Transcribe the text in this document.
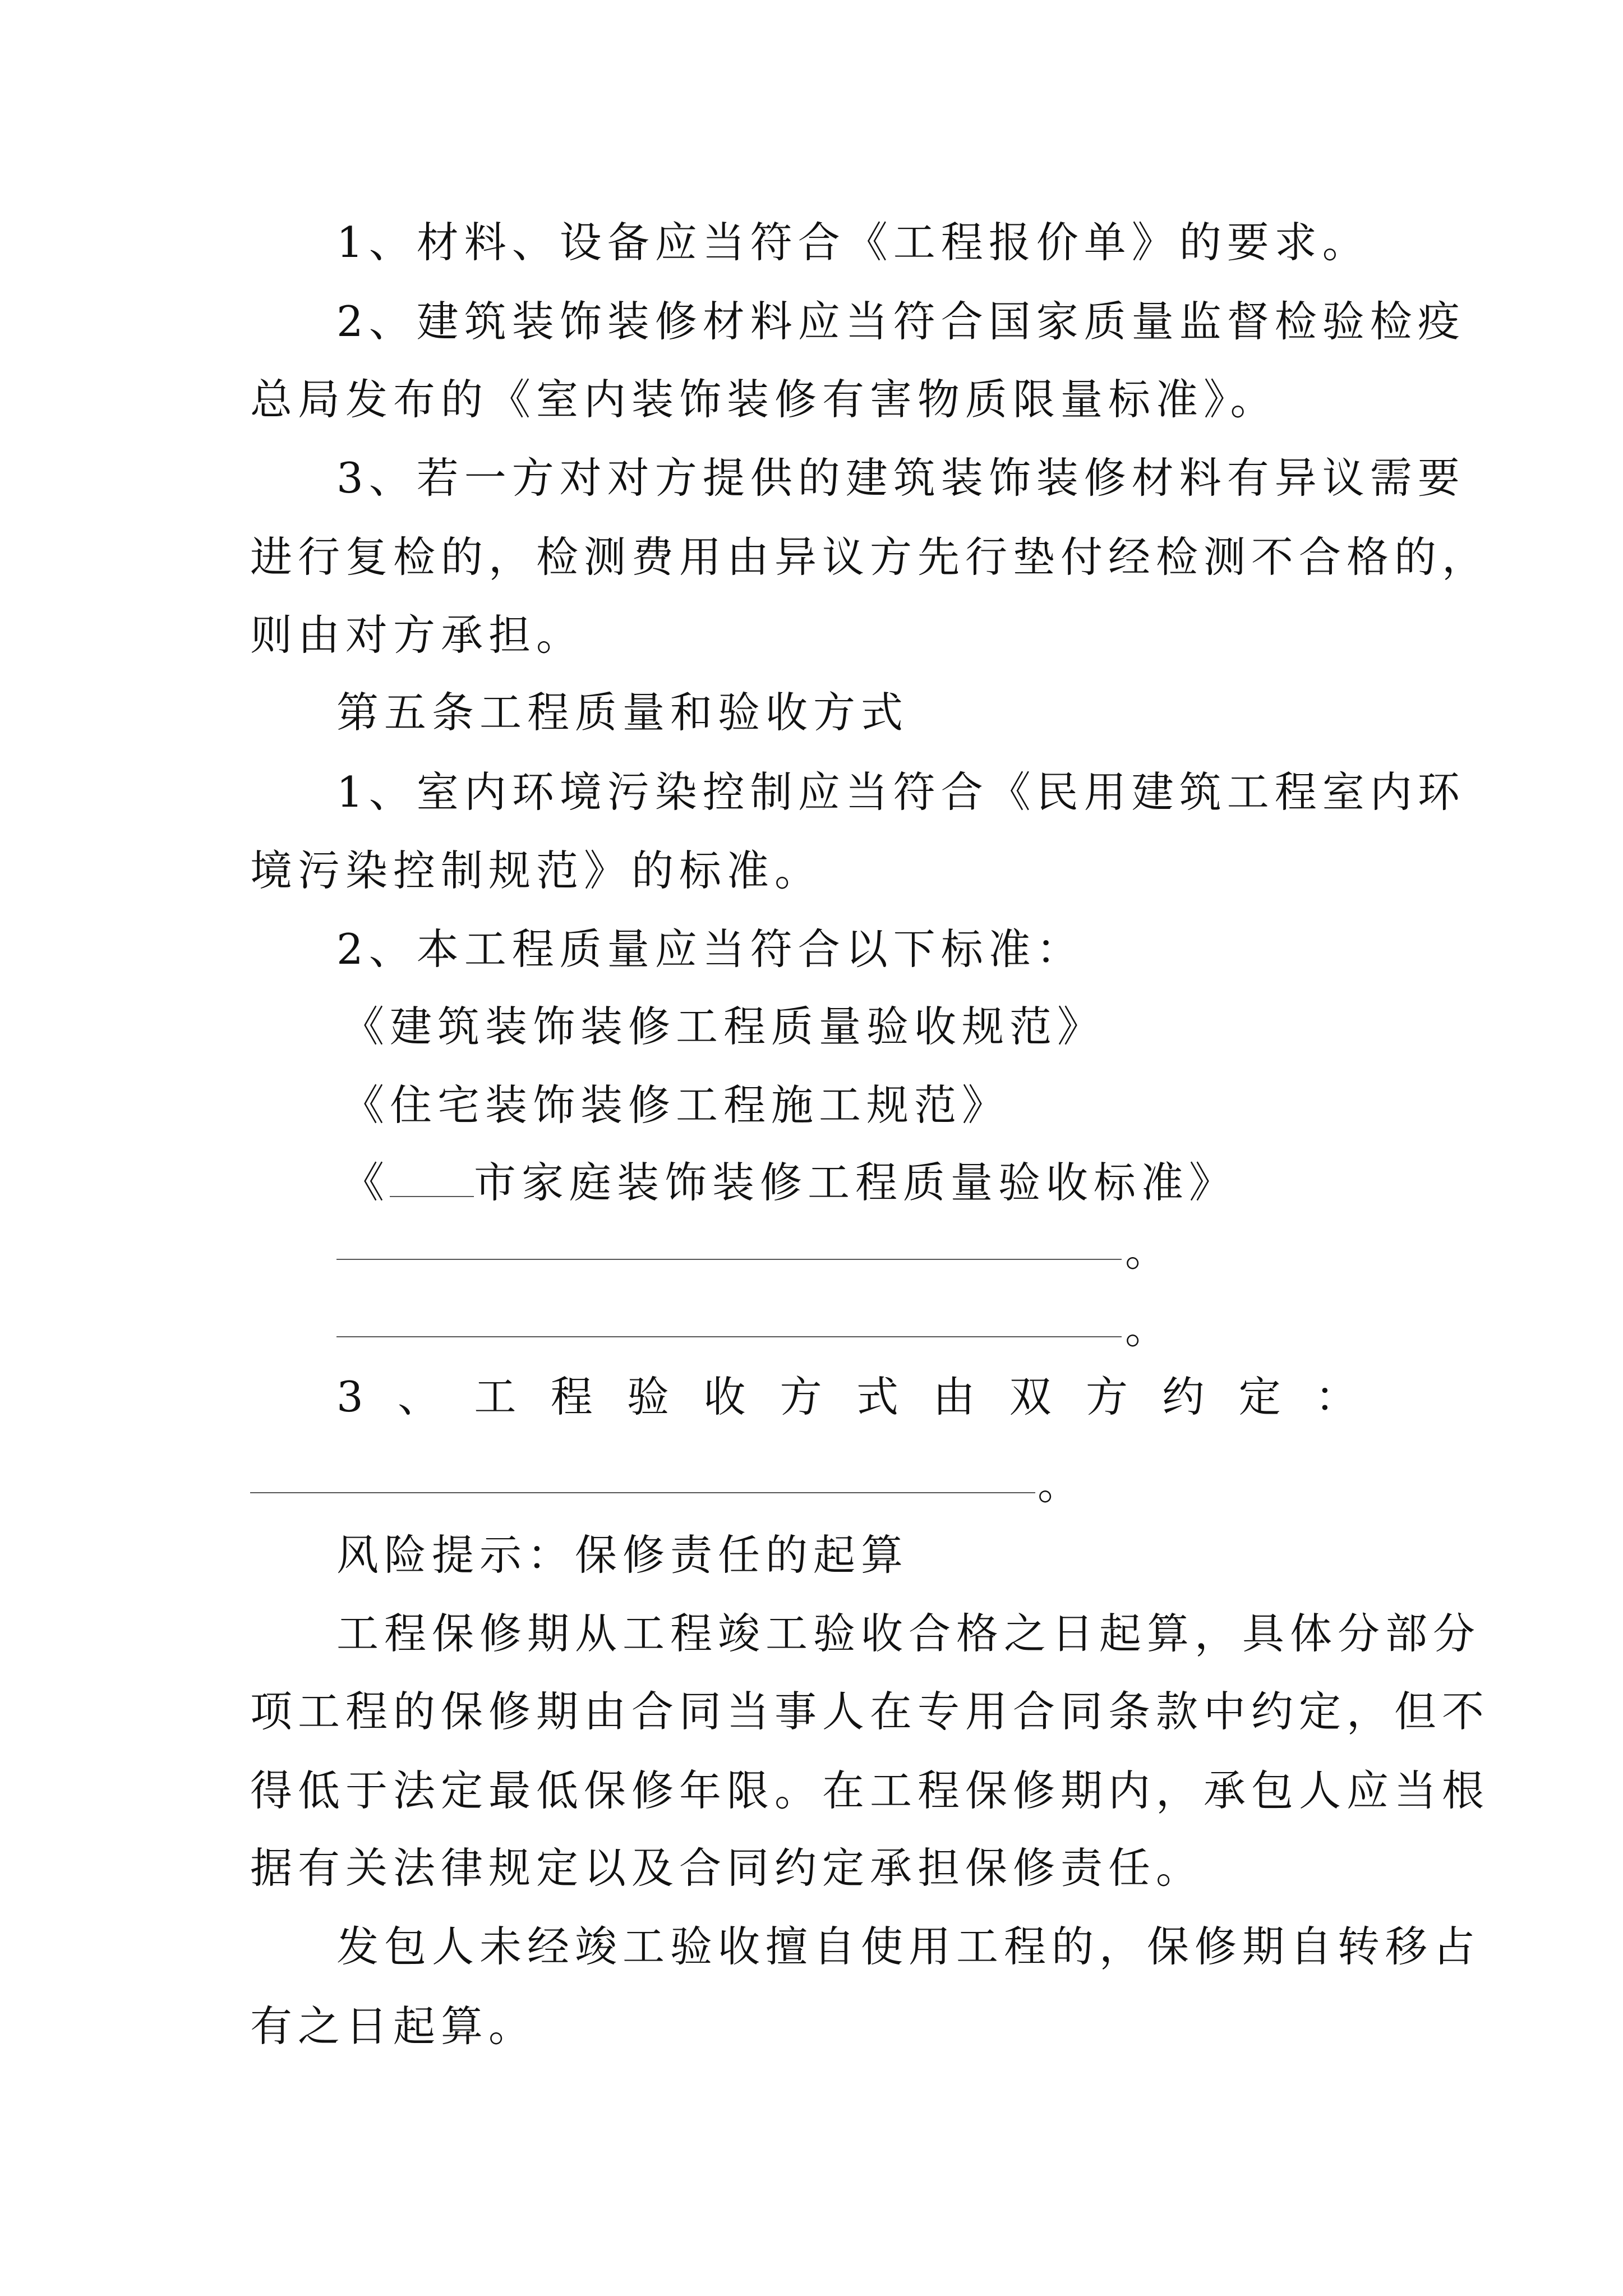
1、材料、设备应当符合《工程报价单》的要求。
2、建筑装饰装修材料应当符合国家质量监督检验检疫
总局发布的《室内装饰装修有害物质限量标准》。
3、若一方对对方提供的建筑装饰装修材料有异议需要
进行复检的，检测费用由异议方先行垫付经检测不合格的，
则由对方承担。
第五条工程质量和验收方式
1、室内环境污染控制应当符合《民用建筑工程室内环
境污染控制规范》的标准。
2、本工程质量应当符合以下标准：
《建筑装饰装修工程质量验收规范》
《住宅装饰装修工程施工规范》
《 市家庭装饰装修工程质量验收标准》
。
。
3 、 工 程 验 收 方 式 由 双 方 约 定 ：
。
风险提示：保修责任的起算
工程保修期从工程竣工验收合格之日起算，具体分部分
项工程的保修期由合同当事人在专用合同条款中约定，但不
得低于法定最低保修年限。在工程保修期内，承包人应当根
据有关法律规定以及合同约定承担保修责任。
发包人未经竣工验收擅自使用工程的，保修期自转移占
有之日起算。
